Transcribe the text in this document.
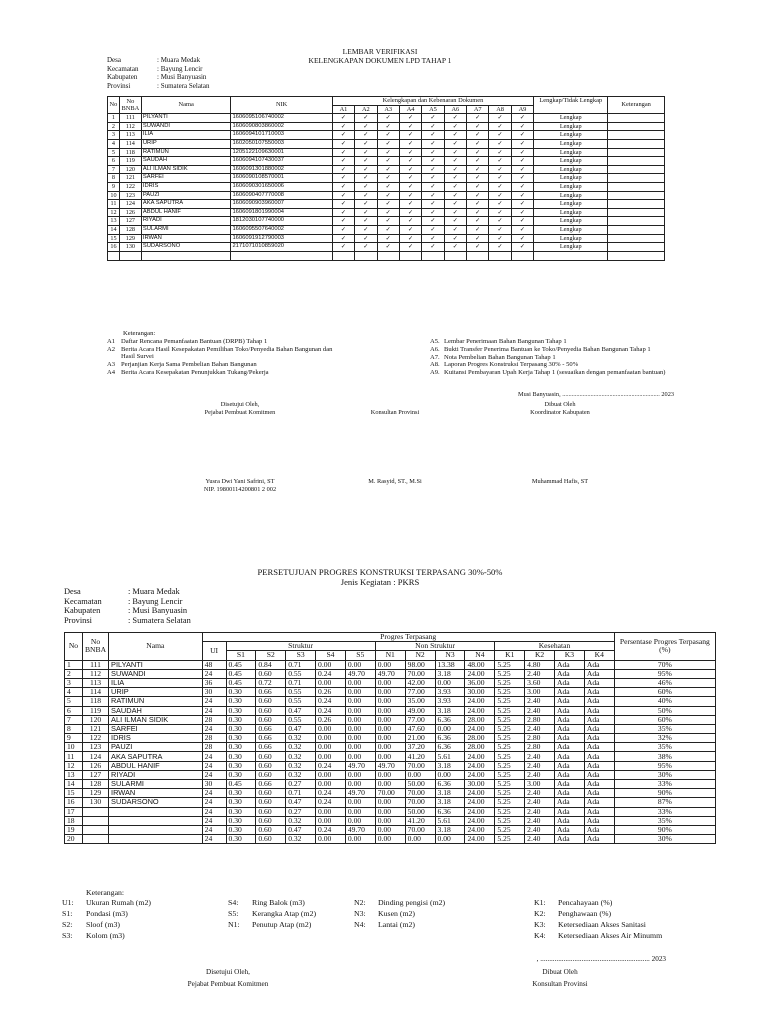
LEMBAR VERIFIKASI
KELENGKAPAN DOKUMEN LPD TAHAP 1
Desa	: Muara Medak
Kecamatan	: Bayung Lencir
Kabupaten	: Musi Banyuasin
Provinsi	: Sumatera Selatan
No	No BNBA	Nama	NIK	Kelengkapan dan Kebenaran Dokumen									Lengkap/Tidak Lengkap	Keterangan
				A1	A2	A3	A4	A5	A6	A7	A8	A9		
1	111	PILYANTI	1606095106740002	✓	✓	✓	✓	✓	✓	✓	✓	✓	Lengkap	
2	112	SUWANDI	1606090803860002	✓	✓	✓	✓	✓	✓	✓	✓	✓	Lengkap	
3	113	ILIA	1606094101710003	✓	✓	✓	✓	✓	✓	✓	✓	✓	Lengkap	
4	114	URIP	1602050107550003	✓	✓	✓	✓	✓	✓	✓	✓	✓	Lengkap	
5	118	RATIMUN	1205122109630001	✓	✓	✓	✓	✓	✓	✓	✓	✓	Lengkap	
6	119	SAUDAH	1606094107430037	✓	✓	✓	✓	✓	✓	✓	✓	✓	Lengkap	
7	120	ALI ILMAN SIDIK	1606091301880002	✓	✓	✓	✓	✓	✓	✓	✓	✓	Lengkap	
8	121	SARFEI	1606090108570001	✓	✓	✓	✓	✓	✓	✓	✓	✓	Lengkap	
9	122	IDRIS	1606090301650006	✓	✓	✓	✓	✓	✓	✓	✓	✓	Lengkap	
10	123	PAUZI	1606090407770008	✓	✓	✓	✓	✓	✓	✓	✓	✓	Lengkap	
11	124	AKA SAPUTRA	1606090903960007	✓	✓	✓	✓	✓	✓	✓	✓	✓	Lengkap	
12	126	ABDUL HANIF	1606091801990004	✓	✓	✓	✓	✓	✓	✓	✓	✓	Lengkap	
13	127	RIYADI	1812030107740000	✓	✓	✓	✓	✓	✓	✓	✓	✓	Lengkap	
14	128	SULARMI	1606095507640002	✓	✓	✓	✓	✓	✓	✓	✓	✓	Lengkap	
15	129	IRWAN	1606091912790003	✓	✓	✓	✓	✓	✓	✓	✓	✓	Lengkap	
16	130	SUDARSONO	2171071010859020	✓	✓	✓	✓	✓	✓	✓	✓	✓	Lengkap	

Keterangan:
A1 Daftar Rencana Pemanfaatan Bantuan (DRPB) Tahap 1
A2 Berita Acara Hasil Kesepakatan Pemilihan Toko/Penyedia Bahan Bangunan dan Hasil Survei
A3 Perjanjian Kerja Sama Pembelian Bahan Bangunan
A4 Berita Acara Kesepakatan Penunjukkan Tukang/Pekerja
A5. Lembar Penerimaan Bahan Bangunan Tahap 1
A6. Bukti Transfer Penerima Bantuan ke Toko/Penyedia Bahan Bangunan Tahap 1
A7. Nota Pembelian Bahan Bangunan Tahap 1
A8. Laporan Progres Konstruksi Terpasang 30% - 50%
A9. Kuitansi Pembayaran Upah Kerja Tahap 1 (sesuaikan dengan pemanfaatan bantuan)
Musi Banyuasin, .............................................................. 2023
Disetujui Oleh,
Pejabat Pembuat Komitmen	Konsultan Provinsi
Dibuat Oleh
Koordinator Kabupaten
Yusra Dwi Yani Safrini, ST
NIP. 19800114200801 2 002
M. Rasyid, ST., M.Si	Muhammad Hafis, ST
PERSETUJUAN PROGRES KONSTRUKSI TERPASANG 30%-50%
Jenis Kegiatan : PKRS
Desa	: Muara Medak
Kecamatan	: Bayung Lencir
Kabupaten	: Musi Banyuasin
Provinsi	: Sumatera Selatan
No	No BNBA	Nama	Progres Terpasang														Persentase Progres Terpasang (%)
			UI	Struktur					Non Struktur				Kesehatan				
				S1	S2	S3	S4	S5	N1	N2	N3	N4	K1	K2	K3	K4	
1	111	PILYANTI	48	0.45	0.84	0.71	0.00	0.00	0.00	98.00	13.38	48.00	5.25	4.80	Ada	Ada	70%
2	112	SUWANDI	24	0.45	0.60	0.55	0.24	49.70	49.70	70.00	3.18	24.00	5.25	2.40	Ada	Ada	95%
3	113	ILIA	36	0.45	0.72	0.71	0.00	0.00	0.00	42.00	0.00	36.00	5.25	3.60	Ada	Ada	46%
4	114	URIP	30	0.30	0.66	0.55	0.26	0.00	0.00	77.00	3.93	30.00	5.25	3.00	Ada	Ada	60%
5	118	RATIMUN	24	0.30	0.60	0.55	0.24	0.00	0.00	35.00	3.93	24.00	5.25	2.40	Ada	Ada	40%
6	119	SAUDAH	24	0.30	0.60	0.47	0.24	0.00	0.00	49.00	3.18	24.00	5.25	2.40	Ada	Ada	50%
7	120	ALI ILMAN SIDIK	28	0.30	0.60	0.55	0.26	0.00	0.00	77.00	6.36	28.00	5.25	2.80	Ada	Ada	60%
8	121	SARFEI	24	0.30	0.66	0.47	0.00	0.00	0.00	47.60	0.00	24.00	5.25	2.40	Ada	Ada	35%
9	122	IDRIS	28	0.30	0.66	0.32	0.00	0.00	0.00	21.00	6.36	28.00	5.25	2.80	Ada	Ada	32%
10	123	PAUZI	28	0.30	0.66	0.32	0.00	0.00	0.00	37.20	6.36	28.00	5.25	2.80	Ada	Ada	35%
11	124	AKA SAPUTRA	24	0.30	0.60	0.32	0.00	0.00	0.00	41.20	5.61	24.00	5.25	2.40	Ada	Ada	38%
12	126	ABDUL HANIF	24	0.30	0.60	0.32	0.24	49.70	49.70	70.00	3.18	24.00	5.25	2.40	Ada	Ada	95%
13	127	RIYADI	24	0.30	0.60	0.32	0.00	0.00	0.00	0.00	0.00	24.00	5.25	2.40	Ada	Ada	30%
14	128	SULARMI	30	0.45	0.66	0.27	0.00	0.00	0.00	50.00	6.36	30.00	5.25	3.00	Ada	Ada	33%
15	129	IRWAN	24	0.30	0.60	0.71	0.24	49.70	70.00	70.00	3.18	24.00	5.25	2.40	Ada	Ada	90%
16	130	SUDARSONO	24	0.30	0.60	0.47	0.24	0.00	0.00	70.00	3.18	24.00	5.25	2.40	Ada	Ada	87%
17			24	0.30	0.60	0.27	0.00	0.00	0.00	50.00	6.36	24.00	5.25	2.40	Ada	Ada	33%
18			24	0.30	0.60	0.32	0.00	0.00	0.00	41.20	5.61	24.00	5.25	2.40	Ada	Ada	35%
19			24	0.30	0.60	0.47	0.24	49.70	0.00	70.00	3.18	24.00	5.25	2.40	Ada	Ada	90%
20			24	0.30	0.60	0.32	0.00	0.00	0.00	0.00	0.00	24.00	5.25	2.40	Ada	Ada	30%
Keterangan:
U1:	Ukuran Rumah (m2)
S1:	Pondasi (m3)
S2:	Sloof (m3)
S3:	Kolom (m3)
S4:	Ring Balok (m3)
S5:	Kerangka Atap (m2)
N1:	Penutup Atap (m2)
N2:	Dinding pengisi (m2)
N3:	Kusen (m2)
N4:	Lantai (m2)
K1:	Pencahayaan (%)
K2:	Penghawaan (%)
K3:	Ketersediaan Akses Sanitasi
K4:	Ketersediaan Akses Air Minumm
, ............................................................. 2023
Disetujui Oleh,
Pejabat Pembuat Komitmen
Dibuat Oleh
Konsultan Provinsi
